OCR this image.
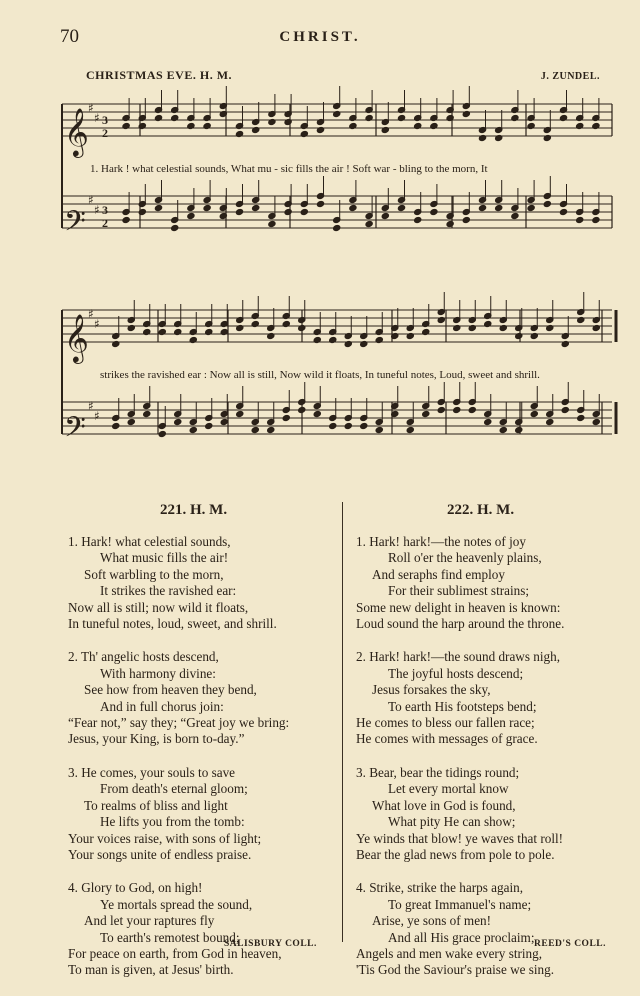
70	CHRIST.
CHRISTMAS EVE. H. M.	J. ZUNDEL.
𝄞
𝄞
𝄢
𝄢
3
2
3
2
♯
♯
♯
♯
♯
♯
♯
♯
1. Hark ! what celestial sounds, What mu - sic fills the air ! Soft war - bling to the morn, It
strikes the ravished ear : Now all is still, Now wild it floats, In tuneful notes, Loud, sweet and shrill.
221. H. M.	222. H. M.
1. Hark! what celestial sounds,
What music fills the air!
Soft warbling to the morn,
It strikes the ravished ear:
Now all is still; now wild it floats,
In tuneful notes, loud, sweet, and shrill.
2. Th' angelic hosts descend,
With harmony divine:
See how from heaven they bend,
And in full chorus join:
“Fear not,” say they; “Great joy we bring:
Jesus, your King, is born to-day.”
3. He comes, your souls to save
From death's eternal gloom;
To realms of bliss and light
He lifts you from the tomb:
Your voices raise, with sons of light;
Your songs unite of endless praise.
4. Glory to God, on high!
Ye mortals spread the sound,
And let your raptures fly
To earth's remotest bound;
For peace on earth, from God in heaven,
To man is given, at Jesus' birth.
1. Hark! hark!—the notes of joy
Roll o'er the heavenly plains,
And seraphs find employ
For their sublimest strains;
Some new delight in heaven is known:
Loud sound the harp around the throne.
2. Hark! hark!—the sound draws nigh,
The joyful hosts descend;
Jesus forsakes the sky,
To earth His footsteps bend;
He comes to bless our fallen race;
He comes with messages of grace.
3. Bear, bear the tidings round;
Let every mortal know
What love in God is found,
What pity He can show;
Ye winds that blow! ye waves that roll!
Bear the glad news from pole to pole.
4. Strike, strike the harps again,
To great Immanuel's name;
Arise, ye sons of men!
And all His grace proclaim;
Angels and men wake every string,
'Tis God the Saviour's praise we sing.
SALISBURY COLL.	REED'S COLL.
